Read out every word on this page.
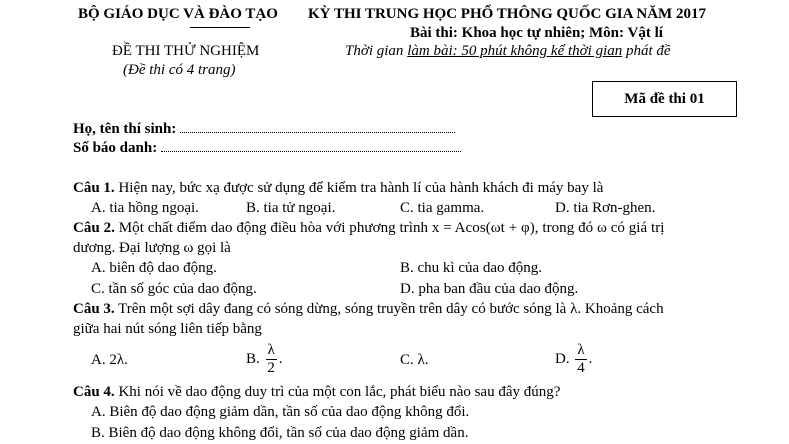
BỘ GIÁO DỤC VÀ ĐÀO TẠO KỲ THI TRUNG HỌC PHỔ THÔNG QUỐC GIA NĂM 2017
Bài thi: Khoa học tự nhiên; Môn: Vật lí
ĐỀ THI THỬ NGHIỆM	Thời gian làm bài: 50 phút không kể thời gian phát đề
(Đề thi có 4 trang)
Mã đề thi 01
Họ, tên thí sinh:
Số báo danh:
Câu 1. Hiện nay, bức xạ được sử dụng để kiểm tra hành lí của hành khách đi máy bay là
A. tia hồng ngoại.	B. tia tử ngoại.	C. tia gamma.	D. tia Rơn-ghen.
Câu 2. Một chất điểm dao động điều hòa với phương trình x = Acos(ωt + φ), trong đó ω có giá trị
dương. Đại lượng ω gọi là
A. biên độ dao động.	B. chu kì của dao động.
C. tần số góc của dao động.	D. pha ban đầu của dao động.
Câu 3. Trên một sợi dây đang có sóng dừng, sóng truyền trên dây có bước sóng là λ. Khoảng cách
giữa hai nút sóng liên tiếp bằng
A. 2λ.	B. $\frac{\lambda}{2}$ .	C. λ.	D. $\frac{\lambda}{4}$ .
Câu 4. Khi nói về dao động duy trì của một con lắc, phát biểu nào sau đây đúng?
A. Biên độ dao động giảm dần, tần số của dao động không đổi.
B. Biên độ dao động không đổi, tần số của dao động giảm dần.
